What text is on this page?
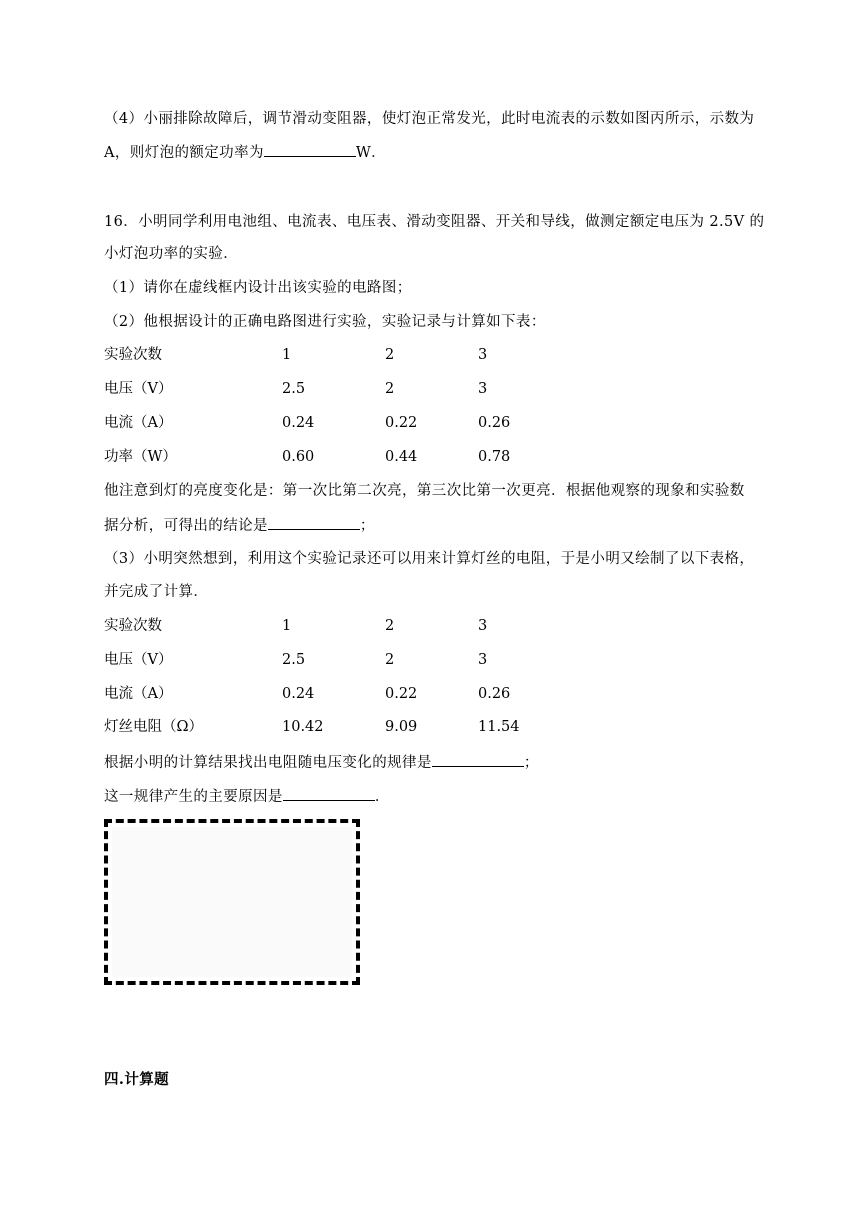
（4）小丽排除故障后，调节滑动变阻器，使灯泡正常发光，此时电流表的示数如图丙所示，示数为
A，则灯泡的额定功率为	W．
16．小明同学利用电池组、电流表、电压表、滑动变阻器、开关和导线，做测定额定电压为 2.5V 的
小灯泡功率的实验．
（1）请你在虚线框内设计出该实验的电路图；
（2）他根据设计的正确电路图进行实验，实验记录与计算如下表：
实验次数	1	2	3
电压（V）	2.5	2	3
电流（A）	0.24	0.22	0.26
功率（W）	0.60	0.44	0.78
他注意到灯的亮度变化是：第一次比第二次亮，第三次比第一次更亮．根据他观察的现象和实验数
据分析，可得出的结论是	；
（3）小明突然想到，利用这个实验记录还可以用来计算灯丝的电阻，于是小明又绘制了以下表格，
并完成了计算．
实验次数	1	2	3
电压（V）	2.5	2	3
电流（A）	0.24	0.22	0.26
灯丝电阻（Ω）	10.42	9.09	11.54
根据小明的计算结果找出电阻随电压变化的规律是	；
这一规律产生的主要原因是	．
四.计算题
